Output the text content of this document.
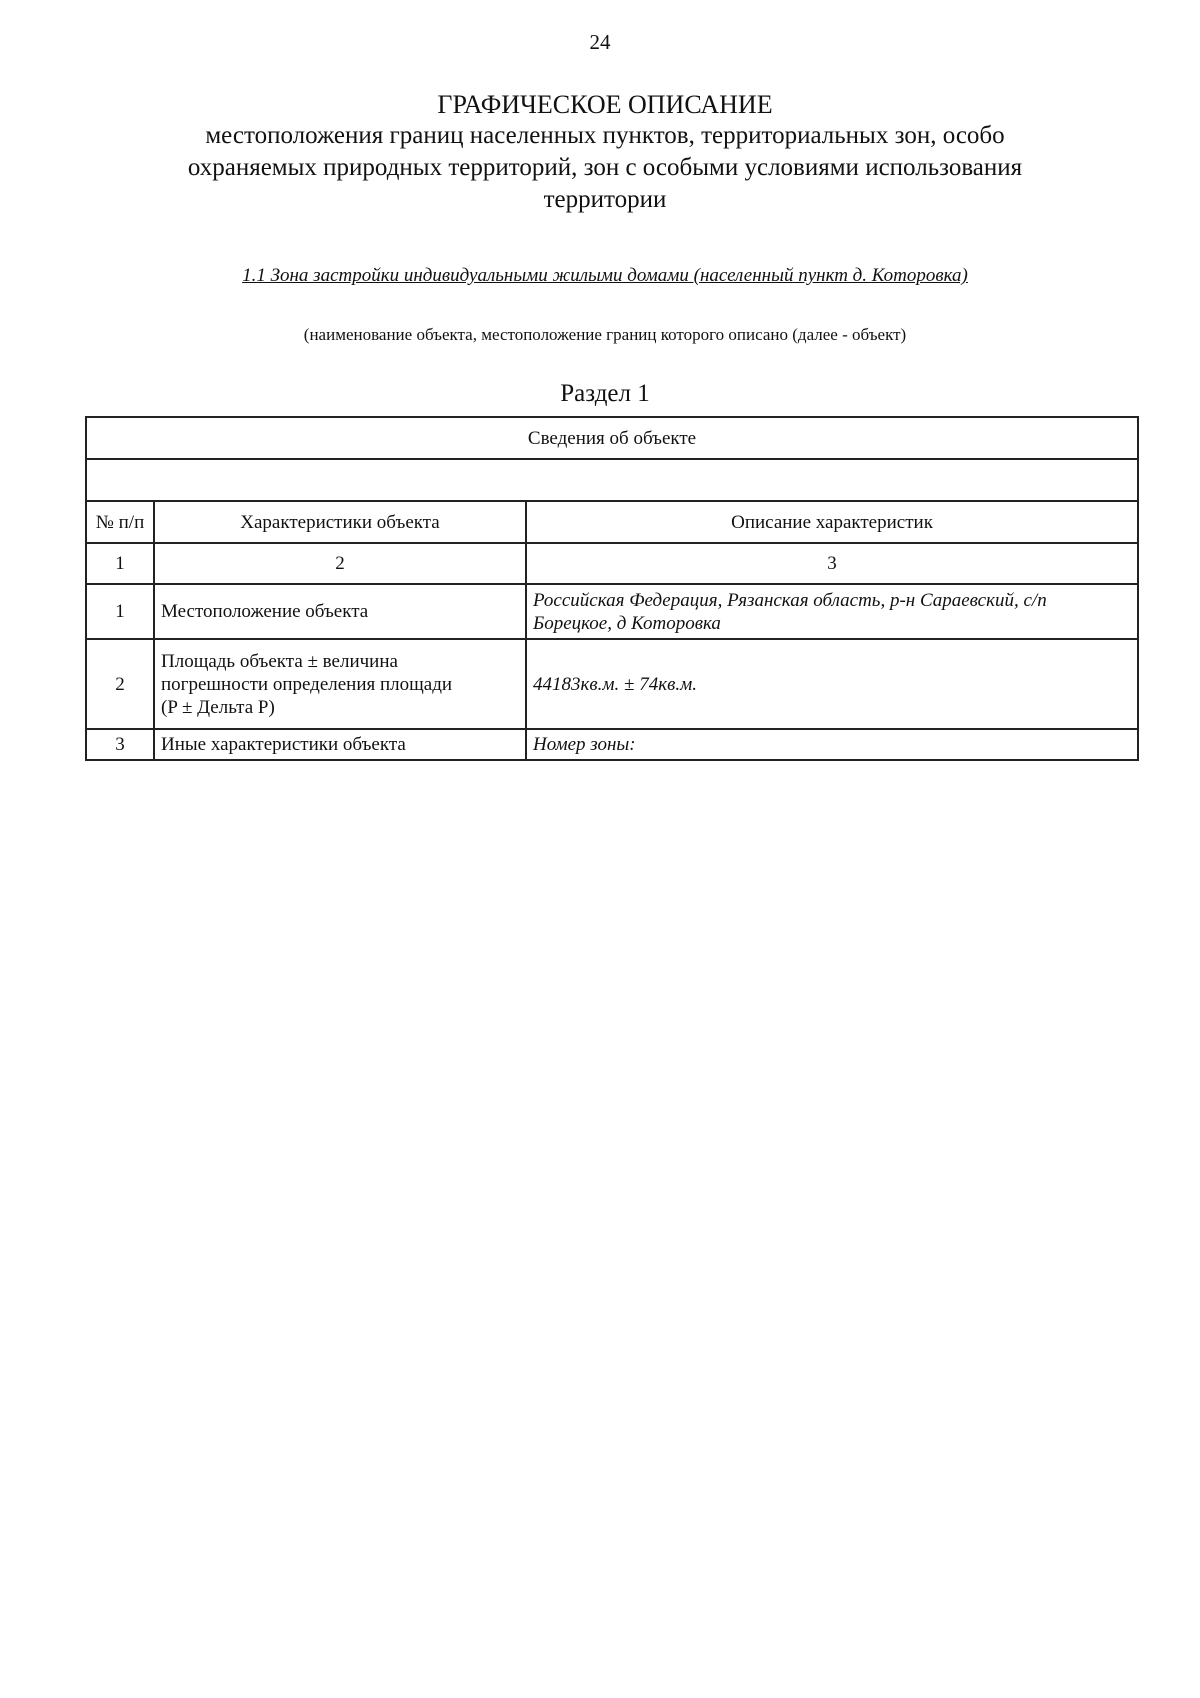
24
ГРАФИЧЕСКОЕ ОПИСАНИЕ
местоположения границ населенных пунктов, территориальных зон, особо
охраняемых природных территорий, зон с особыми условиями использования
территории
1.1 Зона застройки индивидуальными жилыми домами (населенный пункт д. Которовка)
(наименование объекта, местоположение границ которого описано (далее - объект)
Раздел 1
Сведения об объекте		

№ п/п	Характеристики объекта	Описание характеристик
1	2	3
1	Местоположение объекта	Российская Федерация, Рязанская область, р-н Сараевский, с/п
Борецкое, д Которовка

2	Площадь объекта ± величина
погрешности определения площади
(P ± Дельта P)	44183кв.м. ± 74кв.м.

3	Иные характеристики объекта	Номер зоны:
